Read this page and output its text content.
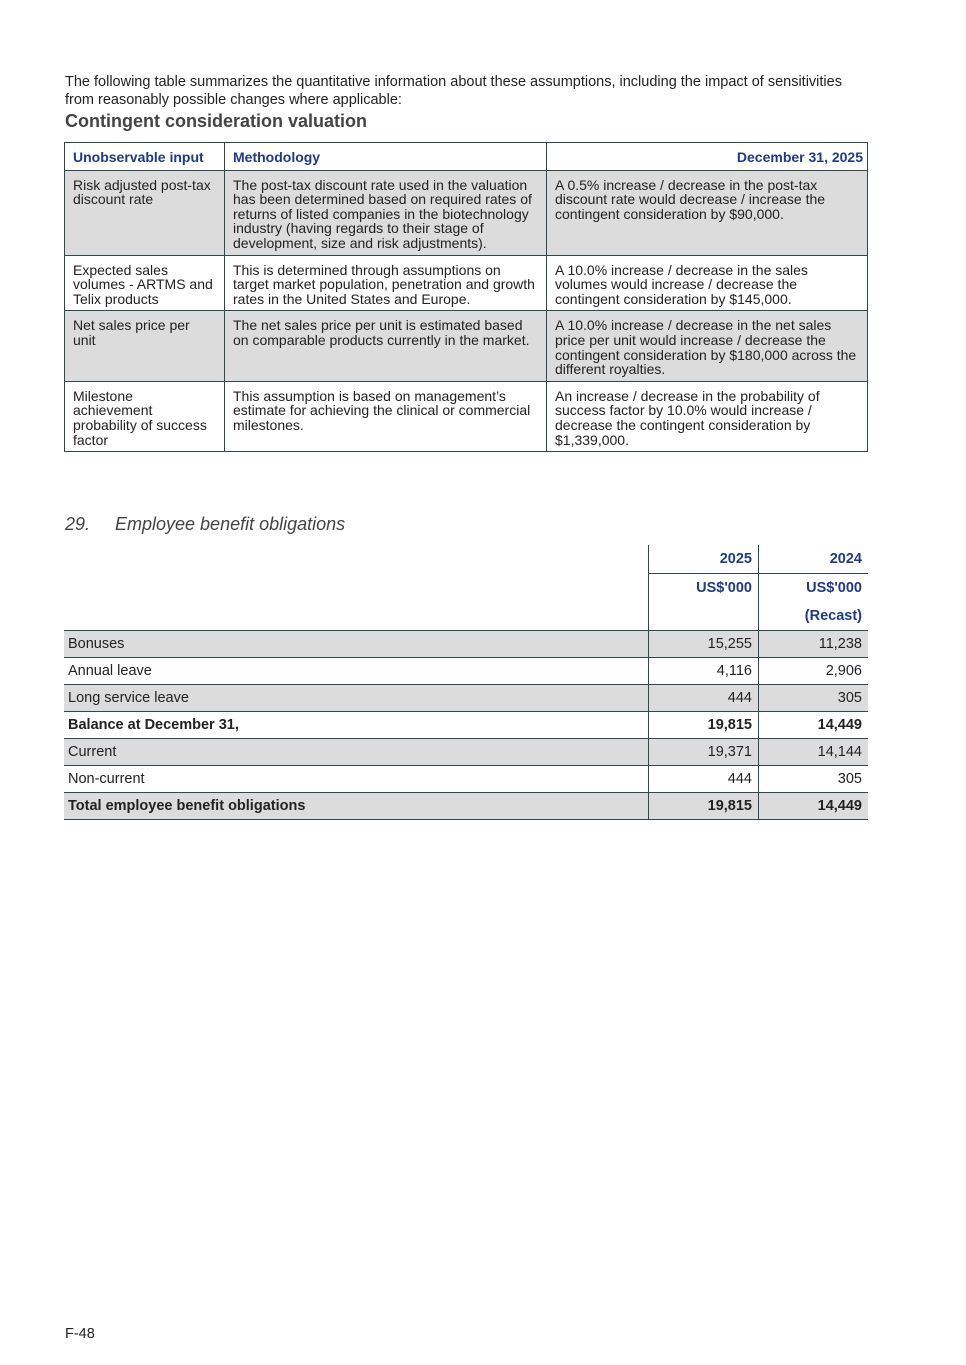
The following table summarizes the quantitative information about these assumptions, including the impact of sensitivities from reasonably possible changes where applicable:

Contingent consideration valuation
Unobservable input	Methodology	December 31, 2025
Risk adjusted post-tax discount rate	The post-tax discount rate used in the valuation has been determined based on required rates of returns of listed companies in the biotechnology industry (having regards to their stage of development, size and risk adjustments).	A 0.5% increase / decrease in the post-tax discount rate would decrease / increase the contingent consideration by $90,000.
Expected sales volumes - ARTMS and Telix products	This is determined through assumptions on target market population, penetration and growth rates in the United States and Europe.	A 10.0% increase / decrease in the sales volumes would increase / decrease the contingent consideration by $145,000.
Net sales price per unit	The net sales price per unit is estimated based on comparable products currently in the market.	A 10.0% increase / decrease in the net sales price per unit would increase / decrease the contingent consideration by $180,000 across the different royalties.
Milestone achievement probability of success factor	This assumption is based on management’s estimate for achieving the clinical or commercial milestones.	An increase / decrease in the probability of success factor by 10.0% would increase / decrease the contingent consideration by $1,339,000.
29. Employee benefit obligations
	2025	2024
	US$'000	US$'000
		(Recast)
Bonuses	15,255	11,238
Annual leave	4,116	2,906
Long service leave	444	305
Balance at December 31,	19,815	14,449
Current	19,371	14,144
Non-current	444	305
Total employee benefit obligations	19,815	14,449
F-48
